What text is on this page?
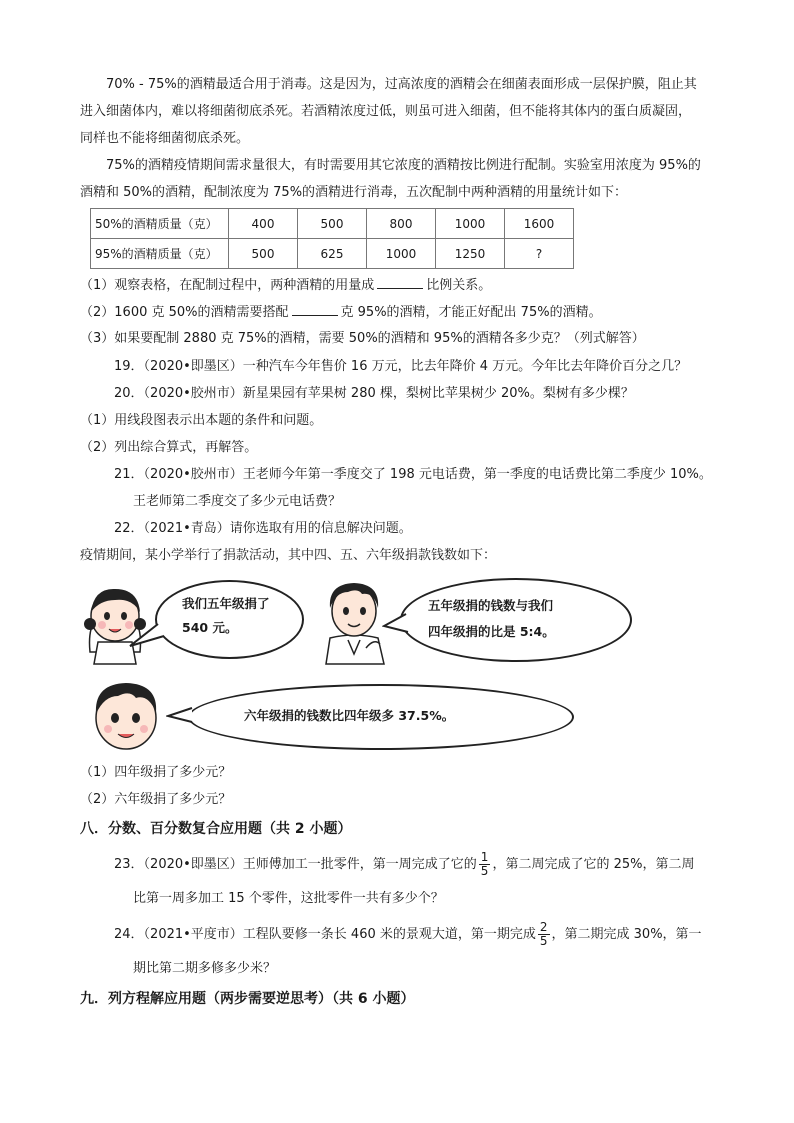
70% - 75%的酒精最适合用于消毒。这是因为，过高浓度的酒精会在细菌表面形成一层保护膜，阻止其
进入细菌体内，难以将细菌彻底杀死。若酒精浓度过低，则虽可进入细菌，但不能将其体内的蛋白质凝固，
同样也不能将细菌彻底杀死。
75%的酒精疫情期间需求量很大，有时需要用其它浓度的酒精按比例进行配制。实验室用浓度为 95%的
酒精和 50%的酒精，配制浓度为 75%的酒精进行消毒，五次配制中两种酒精的用量统计如下：
50%的酒精质量（克）	400	500	800	1000	1600
95%的酒精质量（克）	500	625	1000	1250	?
（1）观察表格，在配制过程中，两种酒精的用量成	比例关系。
（2）1600 克 50%的酒精需要搭配	克 95%的酒精，才能正好配出 75%的酒精。
（3）如果要配制 2880 克 75%的酒精，需要 50%的酒精和 95%的酒精各多少克？（列式解答）
19．（2020•即墨区）一种汽车今年售价 16 万元，比去年降价 4 万元。今年比去年降价百分之几？
20．（2020•胶州市）新星果园有苹果树 280 棵，梨树比苹果树少 20%。梨树有多少棵？
（1）用线段图表示出本题的条件和问题。
（2）列出综合算式，再解答。
21．（2020•胶州市）王老师今年第一季度交了 198 元电话费，第一季度的电话费比第二季度少 10%。
王老师第二季度交了多少元电话费？
22．（2021•青岛）请你选取有用的信息解决问题。
疫情期间，某小学举行了捐款活动，其中四、五、六年级捐款钱数如下：
我们五年级捐了
540 元。
五年级捐的钱数与我们
四年级捐的比是 5:4。
六年级捐的钱数比四年级多 37.5%。
（1）四年级捐了多少元？
（2）六年级捐了多少元？
八．分数、百分数复合应用题（共 2 小题）
23．（2020•即墨区）王师傅加工一批零件，第一周完成了它的 $\frac{1}{5}$ ，第二周完成了它的 25%，第二周
比第一周多加工 15 个零件，这批零件一共有多少个？
24．（2021•平度市）工程队要修一条长 460 米的景观大道，第一期完成 $\frac{2}{5}$ ，第二期完成 30%，第一
期比第二期多修多少米？
九．列方程解应用题（两步需要逆思考）（共 6 小题）
